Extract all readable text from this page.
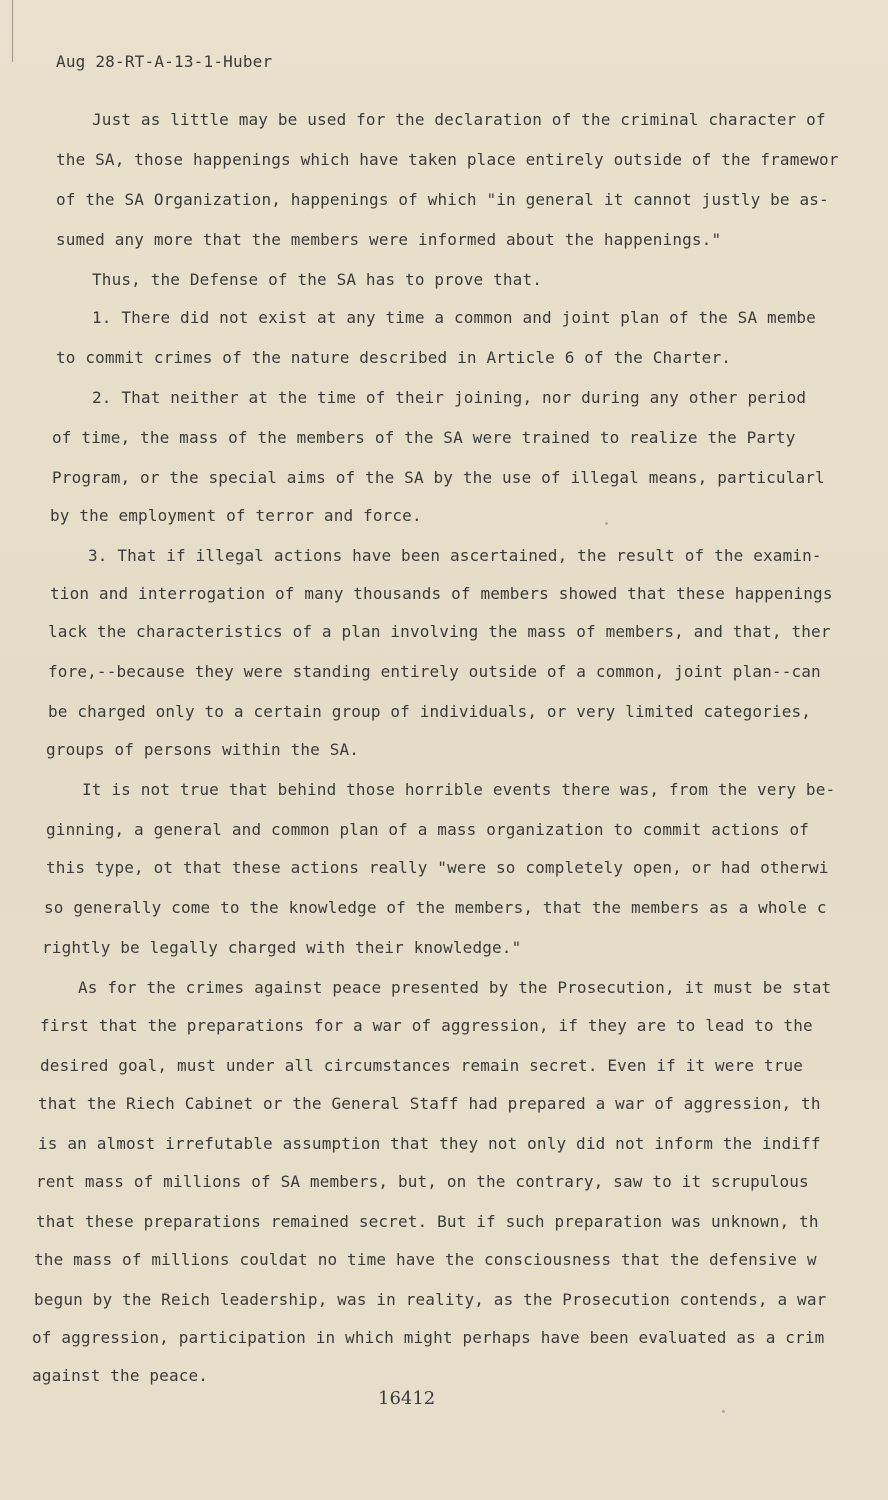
Aug 28-RT-A-13-1-Huber
Just as little may be used for the declaration of the criminal character of
the SA, those happenings which have taken place entirely outside of the framewor
of the SA Organization, happenings of which "in general it cannot justly be as-
sumed any more that the members were informed about the happenings."
Thus, the Defense of the SA has to prove that.
1. There did not exist at any time a common and joint plan of the SA membe
to commit crimes of the nature described in Article 6 of the Charter.
2. That neither at the time of their joining, nor during any other period
of time, the mass of the members of the SA were trained to realize the Party
Program, or the special aims of the SA by the use of illegal means, particularl
by the employment of terror and force.
3. That if illegal actions have been ascertained, the result of the examin-
tion and interrogation of many thousands of members showed that these happenings
lack the characteristics of a plan involving the mass of members, and that, ther
fore,--because they were standing entirely outside of a common, joint plan--can
be charged only to a certain group of individuals, or very limited categories,
groups of persons within the SA.
It is not true that behind those horrible events there was, from the very be-
ginning, a general and common plan of a mass organization to commit actions of
this type, ot that these actions really "were so completely open, or had otherwi
so generally come to the knowledge of the members, that the members as a whole c
rightly be legally charged with their knowledge."
As for the crimes against peace presented by the Prosecution, it must be stat
first that the preparations for a war of aggression, if they are to lead to the
desired goal, must under all circumstances remain secret. Even if it were true
that the Riech Cabinet or the General Staff had prepared a war of aggression, th
is an almost irrefutable assumption that they not only did not inform the indiff
rent mass of millions of SA members, but, on the contrary, saw to it scrupulous
that these preparations remained secret. But if such preparation was unknown, th
the mass of millions couldat no time have the consciousness that the defensive w
begun by the Reich leadership, was in reality, as the Prosecution contends, a war
of aggression, participation in which might perhaps have been evaluated as a crim
against the peace.
16412
